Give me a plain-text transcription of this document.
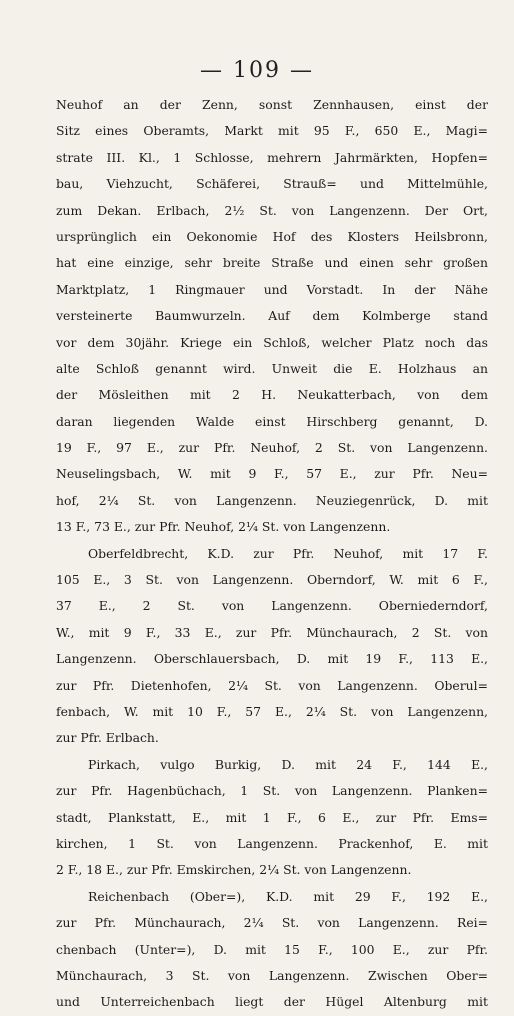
— 109 —
Neuhof an der Zenn, sonst Zennhausen, einst der
Sitz eines Oberamts, Markt mit 95 F., 650 E., Magi=
strate III. Kl., 1 Schlosse, mehrern Jahrmärkten, Hopfen=
bau, Viehzucht, Schäferei, Strauß= und Mittelmühle,
zum Dekan. Erlbach, 2½ St. von Langenzenn. Der Ort,
ursprünglich ein Oekonomie Hof des Klosters Heilsbronn,
hat eine einzige, sehr breite Straße und einen sehr großen
Marktplatz, 1 Ringmauer und Vorstadt. In der Nähe
versteinerte Baumwurzeln. Auf dem Kolmberge stand
vor dem 30jähr. Kriege ein Schloß, welcher Platz noch das
alte Schloß genannt wird. Unweit die E. Holzhaus an
der Mösleithen mit 2 H. Neukatterbach, von dem
daran liegenden Walde einst Hirschberg genannt, D.
19 F., 97 E., zur Pfr. Neuhof, 2 St. von Langenzenn.
Neuselingsbach, W. mit 9 F., 57 E., zur Pfr. Neu=
hof, 2¼ St. von Langenzenn. Neuziegenrück, D. mit
13 F., 73 E., zur Pfr. Neuhof, 2¼ St. von Langenzenn.
Oberfeldbrecht, K.D. zur Pfr. Neuhof, mit 17 F.
105 E., 3 St. von Langenzenn. Oberndorf, W. mit 6 F.,
37 E., 2 St. von Langenzenn. Oberniederndorf,
W., mit 9 F., 33 E., zur Pfr. Münchaurach, 2 St. von
Langenzenn. Oberschlauersbach, D. mit 19 F., 113 E.,
zur Pfr. Dietenhofen, 2¼ St. von Langenzenn. Oberul=
fenbach, W. mit 10 F., 57 E., 2¼ St. von Langenzenn,
zur Pfr. Erlbach.
Pirkach, vulgo Burkig, D. mit 24 F., 144 E.,
zur Pfr. Hagenbüchach, 1 St. von Langenzenn. Planken=
stadt, Plankstatt, E., mit 1 F., 6 E., zur Pfr. Ems=
kirchen, 1 St. von Langenzenn. Prackenhof, E. mit
2 F., 18 E., zur Pfr. Emskirchen, 2¼ St. von Langenzenn.
Reichenbach (Ober=), K.D. mit 29 F., 192 E.,
zur Pfr. Münchaurach, 2¼ St. von Langenzenn. Rei=
chenbach (Unter=), D. mit 15 F., 100 E., zur Pfr.
Münchaurach, 3 St. von Langenzenn. Zwischen Ober=
und Unterreichenbach liegt der Hügel Altenburg mit
